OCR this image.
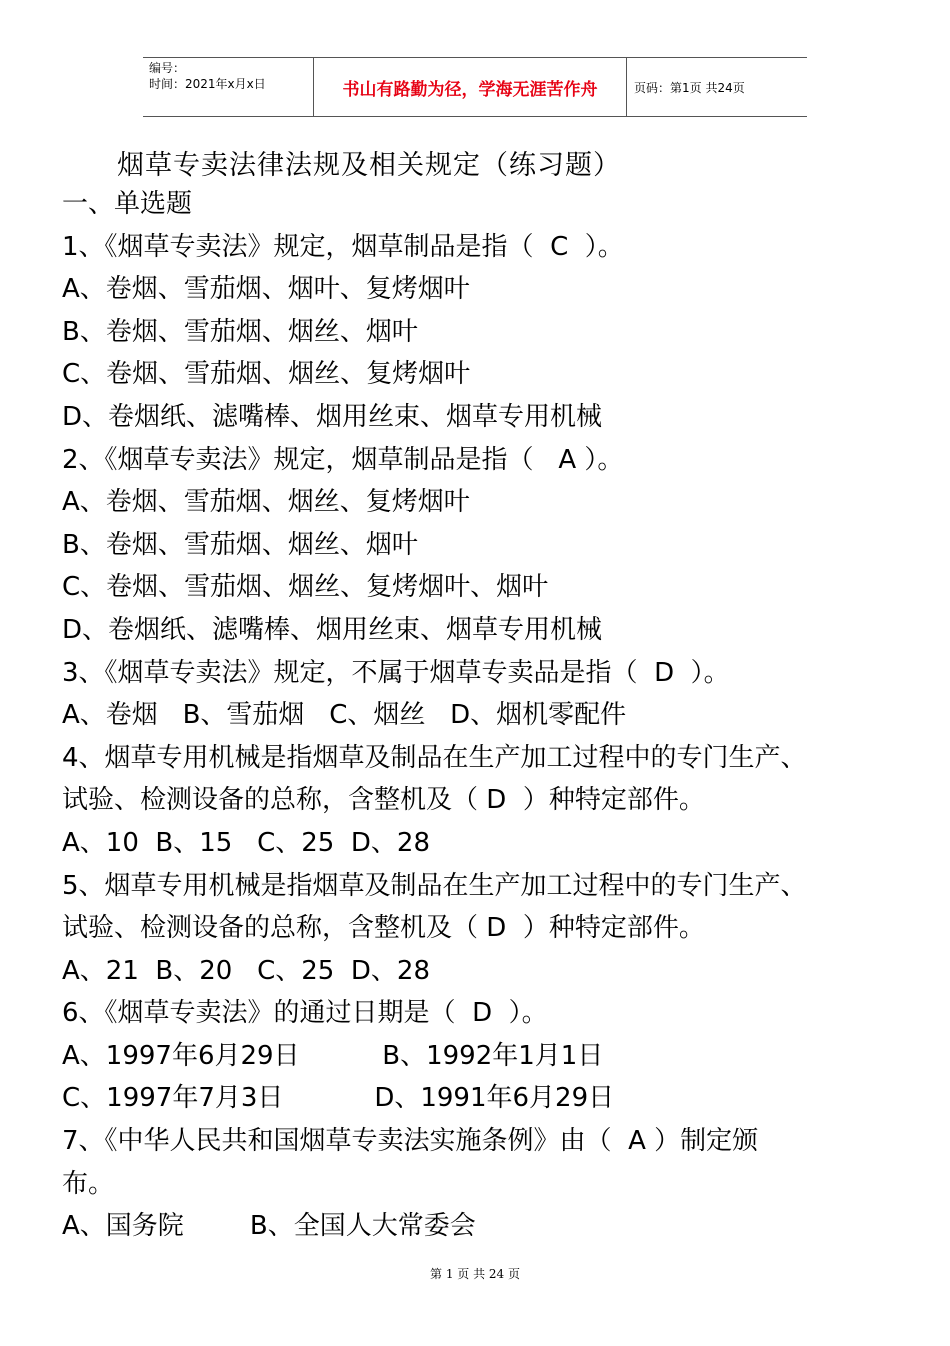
编号：
时间：2021年x月x日	书山有路勤为径，学海无涯苦作舟	页码：第1页 共24页
烟草专卖法律法规及相关规定（练习题）
一、单选题
1、《烟草专卖法》规定，烟草制品是指（  C  ）。
A、卷烟、雪茄烟、烟叶、复烤烟叶
B、卷烟、雪茄烟、烟丝、烟叶
C、卷烟、雪茄烟、烟丝、复烤烟叶
D、卷烟纸、滤嘴棒、烟用丝束、烟草专用机械
2、《烟草专卖法》规定，烟草制品是指（   A ）。
A、卷烟、雪茄烟、烟丝、复烤烟叶
B、卷烟、雪茄烟、烟丝、烟叶
C、卷烟、雪茄烟、烟丝、复烤烟叶、烟叶
D、卷烟纸、滤嘴棒、烟用丝束、烟草专用机械
3、《烟草专卖法》规定，不属于烟草专卖品是指（  D  ）。
A、卷烟   B、雪茄烟   C、烟丝   D、烟机零配件
4、烟草专用机械是指烟草及制品在生产加工过程中的专门生产、
试验、检测设备的总称，含整机及（ D  ）种特定部件。
A、10  B、15   C、25  D、28
5、烟草专用机械是指烟草及制品在生产加工过程中的专门生产、
试验、检测设备的总称，含整机及（ D  ）种特定部件。
A、21  B、20   C、25  D、28
6、《烟草专卖法》的通过日期是（  D  ）。
A、1997年6月29日          B、1992年1月1日
C、1997年7月3日           D、1991年6月29日
7、《中华人民共和国烟草专卖法实施条例》由（  A ）制定颁
布。
A、国务院        B、全国人大常委会
第 1 页 共 24 页
